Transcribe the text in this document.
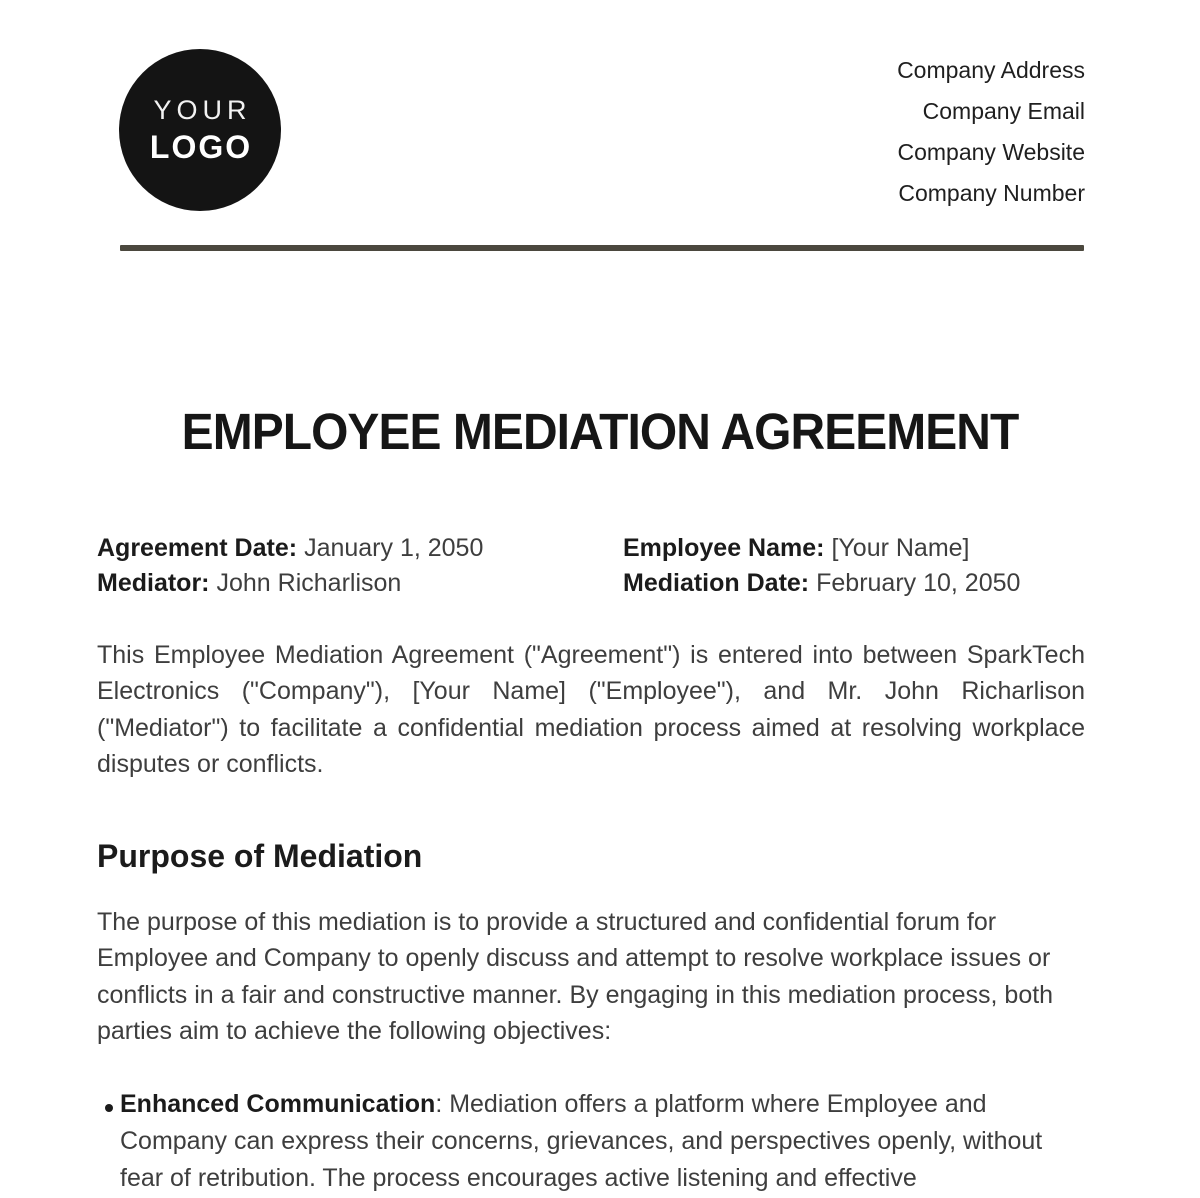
YOUR
LOGO
Company Address
Company Email
Company Website
Company Number
EMPLOYEE MEDIATION AGREEMENT
Agreement Date: January 1, 2050
Mediator: John Richarlison
Employee Name: [Your Name]
Mediation Date: February 10, 2050
This Employee Mediation Agreement ("Agreement") is entered into between SparkTech
Electronics ("Company"), [Your Name] ("Employee"), and Mr. John Richarlison
("Mediator") to facilitate a confidential mediation process aimed at resolving workplace
disputes or conflicts.
Purpose of Mediation
The purpose of this mediation is to provide a structured and confidential forum for
Employee and Company to openly discuss and attempt to resolve workplace issues or
conflicts in a fair and constructive manner. By engaging in this mediation process, both
parties aim to achieve the following objectives:
Enhanced Communication: Mediation offers a platform where Employee and
Company can express their concerns, grievances, and perspectives openly, without
fear of retribution. The process encourages active listening and effective
